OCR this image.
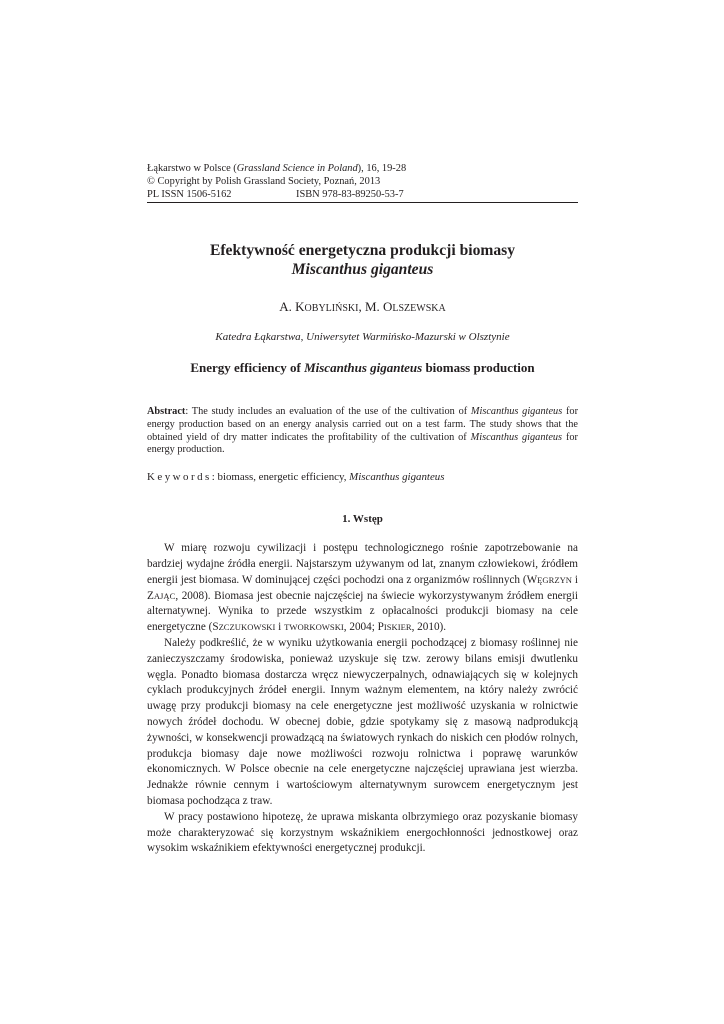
Łąkarstwo w Polsce (Grassland Science in Poland), 16, 19-28
© Copyright by Polish Grassland Society, Poznań, 2013
PL ISSN 1506-5162	ISBN 978-83-89250-53-7
Efektywność energetyczna produkcji biomasy
Miscanthus giganteus
A. KOBYLIŃSKI, M. OLSZEWSKA
Katedra Łąkarstwa, Uniwersytet Warmińsko-Mazurski w Olsztynie
Energy efficiency of Miscanthus giganteus biomass production
Abstract: The study includes an evaluation of the use of the cultivation of Miscanthus giganteus for energy production based on an energy analysis carried out on a test farm. The study shows that the obtained yield of dry matter indicates the profitability of the cultivation of Miscanthus giganteus for energy production.
Keywords: biomass, energetic efficiency, Miscanthus giganteus
1. Wstęp

W miarę rozwoju cywilizacji i postępu technologicznego rośnie zapotrzebowanie na bardziej wydajne źródła energii. Najstarszym używanym od lat, znanym człowiekowi, źródłem energii jest biomasa. W dominującej części pochodzi ona z organizmów roślinnych (WĘGRZYN i ZAJĄC, 2008). Biomasa jest obecnie najczęściej na świecie wykorzystywanym źródłem energii alternatywnej. Wynika to przede wszystkim z opłacalności produkcji biomasy na cele energetyczne (SZCZUKOWSKI i TWORKOWSKI, 2004; PISKIER, 2010).

Należy podkreślić, że w wyniku użytkowania energii pochodzącej z biomasy roślinnej nie zanieczyszczamy środowiska, ponieważ uzyskuje się tzw. zerowy bilans emisji dwutlenku węgla. Ponadto biomasa dostarcza wręcz niewyczerpalnych, odnawiających się w kolejnych cyklach produkcyjnych źródeł energii. Innym ważnym elementem, na który należy zwrócić uwagę przy produkcji biomasy na cele energetyczne jest możliwość uzyskania w rolnictwie nowych źródeł dochodu. W obecnej dobie, gdzie spotykamy się z masową nadprodukcją żywności, w konsekwencji prowadzącą na światowych rynkach do niskich cen płodów rolnych, produkcja biomasy daje nowe możliwości rozwoju rolnictwa i poprawę warunków ekonomicznych. W Polsce obecnie na cele energetyczne najczęściej uprawiana jest wierzba. Jednakże równie cennym i wartościowym alternatywnym surowcem energetycznym jest biomasa pochodząca z traw.

W pracy postawiono hipotezę, że uprawa miskanta olbrzymiego oraz pozyskanie biomasy może charakteryzować się korzystnym wskaźnikiem energochłonności jednostkowej oraz wysokim wskaźnikiem efektywności energetycznej produkcji.
